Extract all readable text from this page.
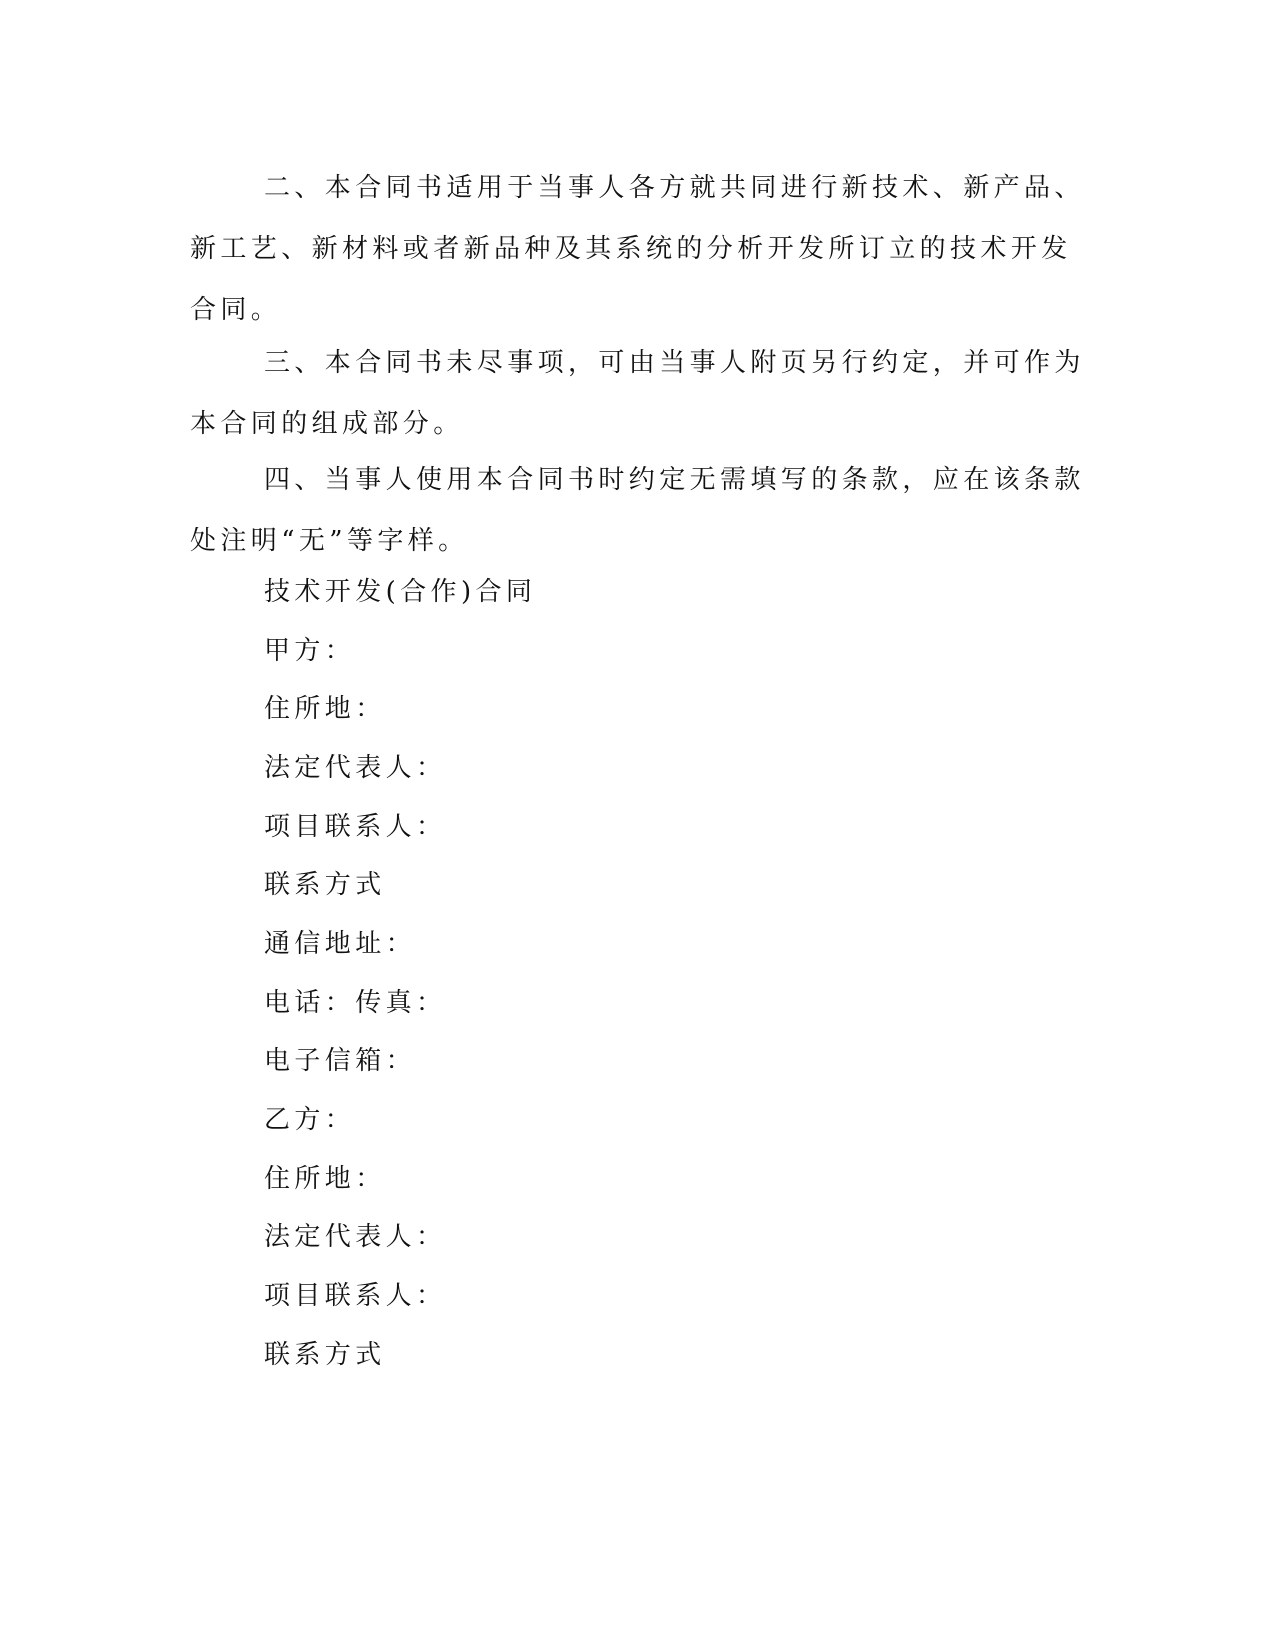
二、本合同书适用于当事人各方就共同进行新技术、新产品、新工艺、新材料或者新品种及其系统的分析开发所订立的技术开发合同。

三、本合同书未尽事项，可由当事人附页另行约定，并可作为本合同的组成部分。

四、当事人使用本合同书时约定无需填写的条款，应在该条款处注明“无”等字样。

技术开发(合作)合同
甲方：
住所地：
法定代表人：
项目联系人：
联系方式
通信地址：
电话：传真：
电子信箱：
乙方：
住所地：
法定代表人：
项目联系人：
联系方式
